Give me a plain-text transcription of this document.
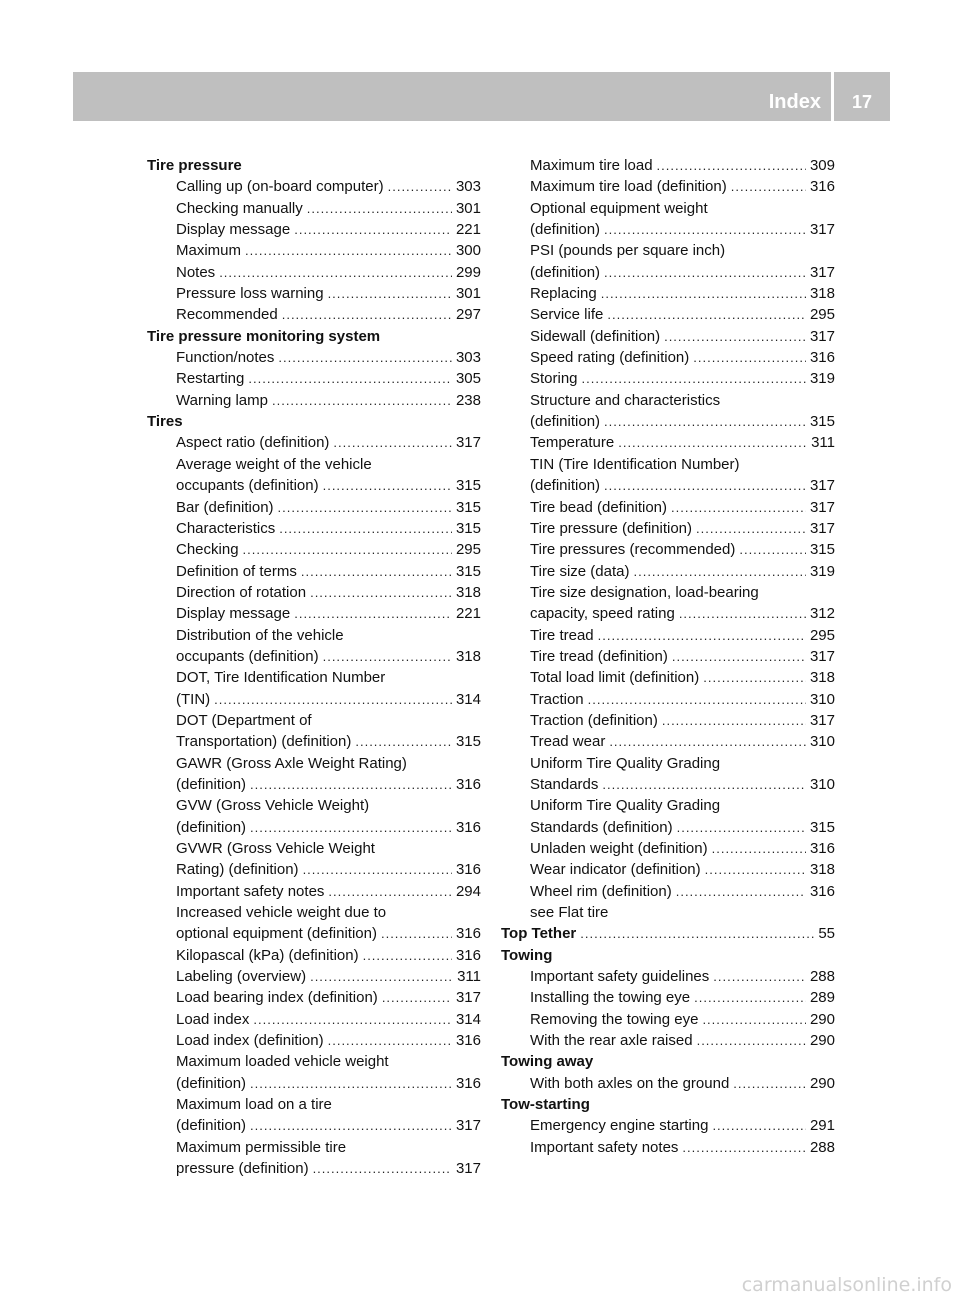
Index	17
Tire pressure
Calling up (on-board computer) .....	303
Checking manually .....	301
Display message .....	221
Maximum .....	300
Notes .....	299
Pressure loss warning .....	301
Recommended .....	297
Tire pressure monitoring system
Function/notes .....	303
Restarting .....	305
Warning lamp .....	238
Tires
Aspect ratio (definition) .....	317
Average weight of the vehicle
occupants (definition) .....	315
Bar (definition) .....	315
Characteristics .....	315
Checking .....	295
Definition of terms .....	315
Direction of rotation .....	318
Display message .....	221
Distribution of the vehicle
occupants (definition) .....	318
DOT, Tire Identification Number
(TIN) .....	314
DOT (Department of
Transportation) (definition) .....	315
GAWR (Gross Axle Weight Rating)
(definition) .....	316
GVW (Gross Vehicle Weight)
(definition) .....	316
GVWR (Gross Vehicle Weight
Rating) (definition) .....	316
Important safety notes .....	294
Increased vehicle weight due to
optional equipment (definition) .....	316
Kilopascal (kPa) (definition) .....	316
Labeling (overview) .....	311
Load bearing index (definition) .....	317
Load index .....	314
Load index (definition) .....	316
Maximum loaded vehicle weight
(definition) .....	316
Maximum load on a tire
(definition) .....	317
Maximum permissible tire
pressure (definition) .....	317
Maximum tire load .....	309
Maximum tire load (definition) .....	316
Optional equipment weight
(definition) .....	317
PSI (pounds per square inch)
(definition) .....	317
Replacing .....	318
Service life .....	295
Sidewall (definition) .....	317
Speed rating (definition) .....	316
Storing .....	319
Structure and characteristics
(definition) .....	315
Temperature .....	311
TIN (Tire Identification Number)
(definition) .....	317
Tire bead (definition) .....	317
Tire pressure (definition) .....	317
Tire pressures (recommended) .....	315
Tire size (data) .....	319
Tire size designation, load-bearing
capacity, speed rating .....	312
Tire tread .....	295
Tire tread (definition) .....	317
Total load limit (definition) .....	318
Traction .....	310
Traction (definition) .....	317
Tread wear .....	310
Uniform Tire Quality Grading
Standards .....	310
Uniform Tire Quality Grading
Standards (definition) .....	315
Unladen weight (definition) .....	316
Wear indicator (definition) .....	318
Wheel rim (definition) .....	316
see Flat tire
Top Tether .....	55
Towing
Important safety guidelines .....	288
Installing the towing eye .....	289
Removing the towing eye .....	290
With the rear axle raised .....	290
Towing away
With both axles on the ground .....	290
Tow-starting
Emergency engine starting .....	291
Important safety notes .....	288
carmanualsonline.info
